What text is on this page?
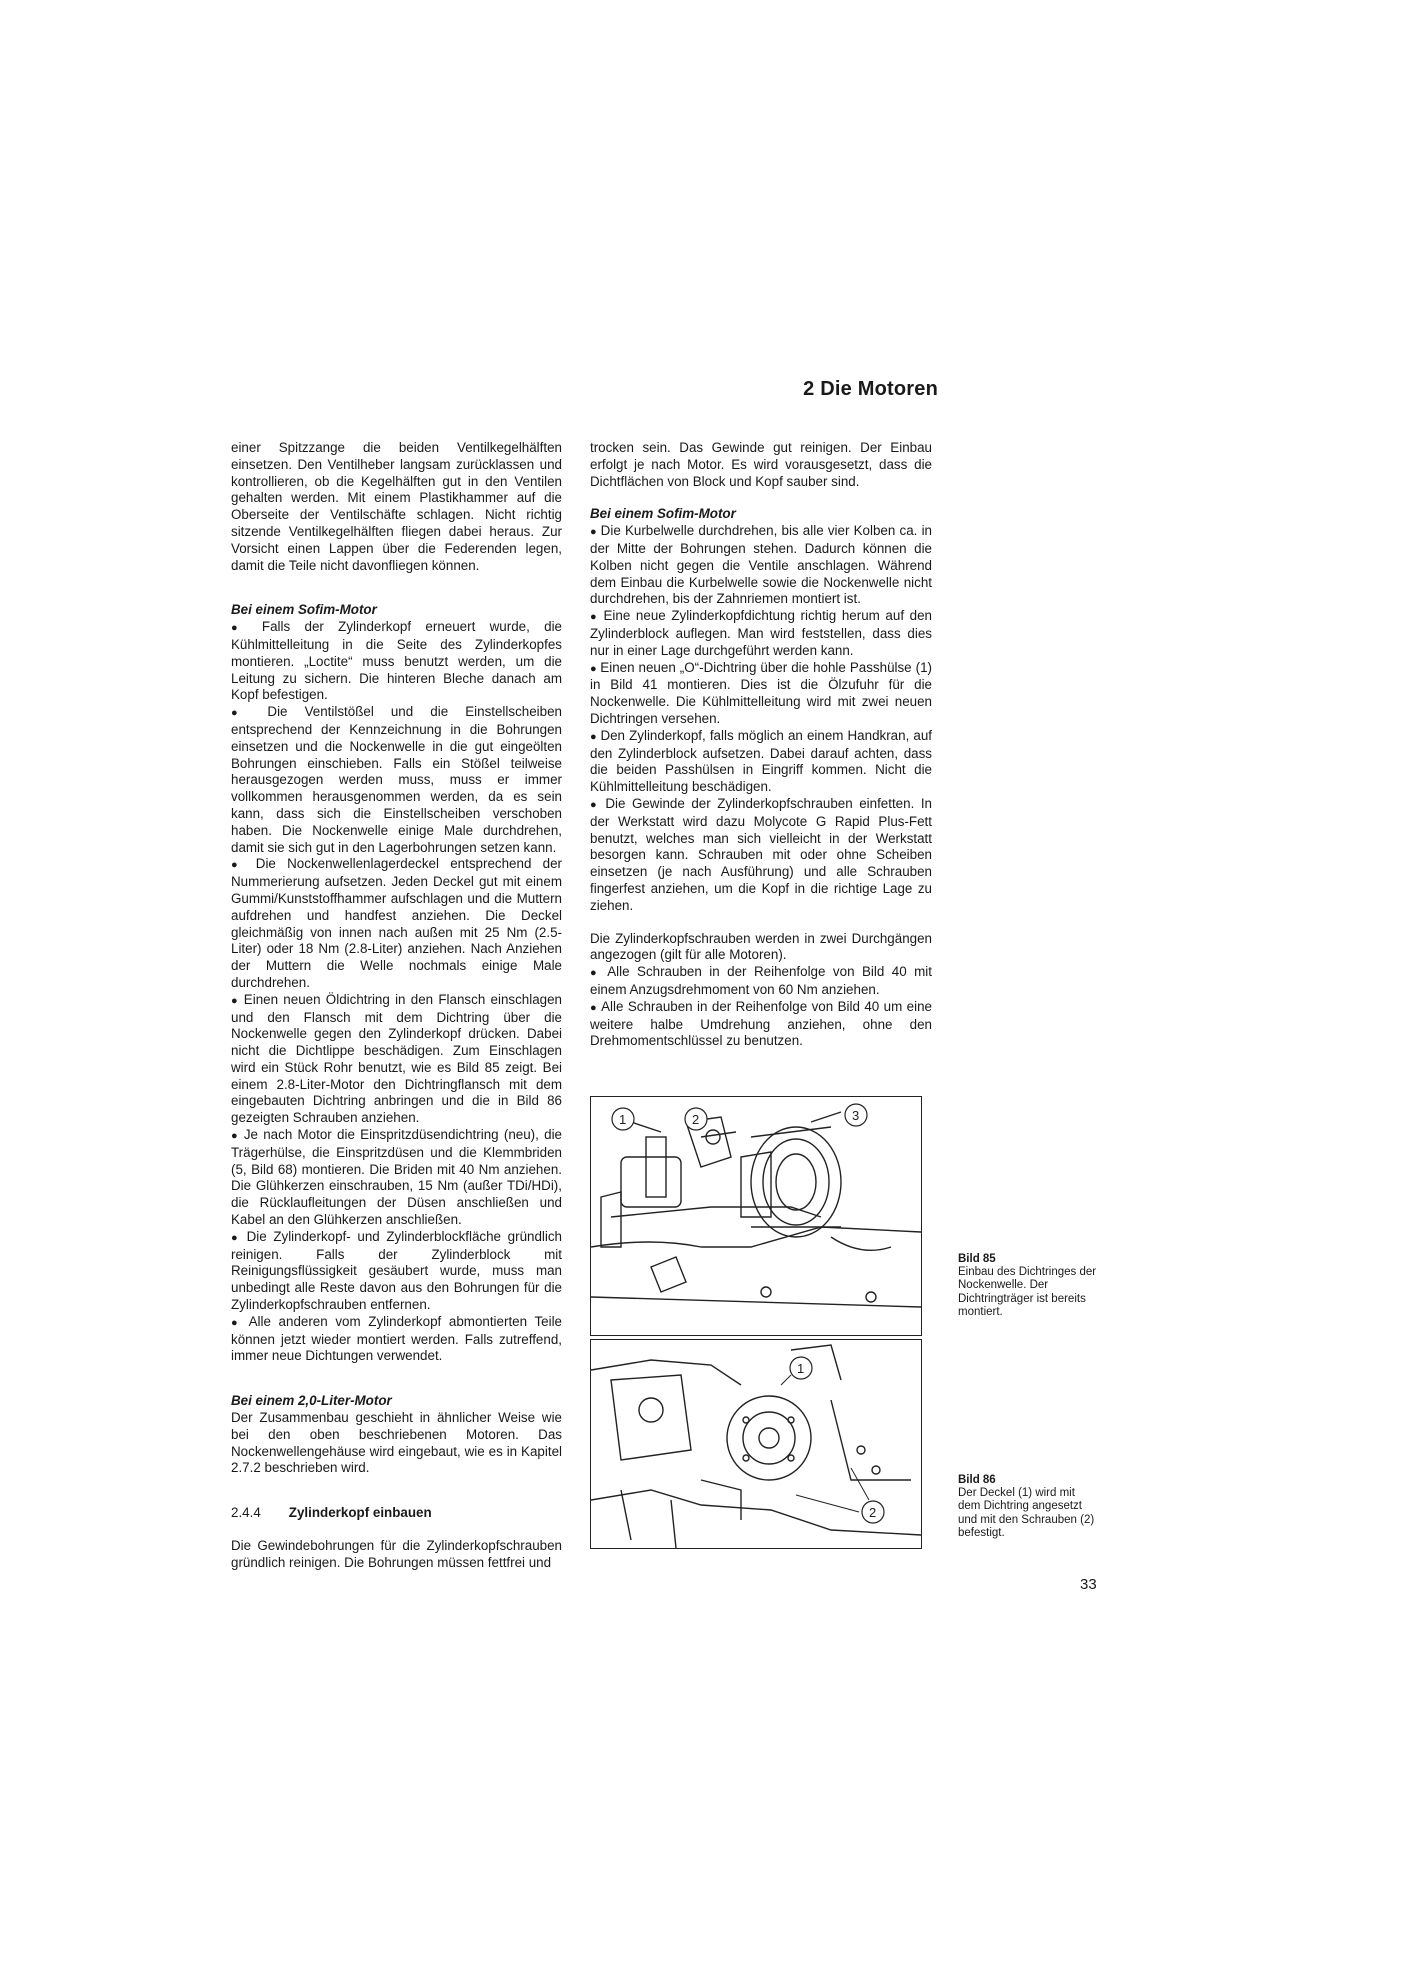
2 Die Motoren

einer Spitzzange die beiden Ventilkegelhälften einsetzen. Den Ventilheber langsam zurücklassen und kontrollieren, ob die Kegelhälften gut in den Ventilen gehalten werden. Mit einem Plastikhammer auf die Oberseite der Ventilschäfte schlagen. Nicht richtig sitzende Ventilkegelhälften fliegen dabei heraus. Zur Vorsicht einen Lappen über die Federenden legen, damit die Teile nicht davonfliegen können.

Bei einem Sofim-Motor

● Falls der Zylinderkopf erneuert wurde, die Kühlmittelleitung in die Seite des Zylinderkopfes montieren. „Loctite“ muss benutzt werden, um die Leitung zu sichern. Die hinteren Bleche danach am Kopf befestigen.

● Die Ventilstößel und die Einstellscheiben entsprechend der Kennzeichnung in die Bohrungen einsetzen und die Nockenwelle in die gut eingeölten Bohrungen einschieben. Falls ein Stößel teilweise herausgezogen werden muss, muss er immer vollkommen herausgenommen werden, da es sein kann, dass sich die Einstellscheiben verschoben haben. Die Nockenwelle einige Male durchdrehen, damit sie sich gut in den Lagerbohrungen setzen kann.

● Die Nockenwellenlagerdeckel entsprechend der Nummerierung aufsetzen. Jeden Deckel gut mit einem Gummi/Kunststoffhammer aufschlagen und die Muttern aufdrehen und handfest anziehen. Die Deckel gleichmäßig von innen nach außen mit 25 Nm (2.5-Liter) oder 18 Nm (2.8-Liter) anziehen. Nach Anziehen der Muttern die Welle nochmals einige Male durchdrehen.

● Einen neuen Öldichtring in den Flansch einschlagen und den Flansch mit dem Dichtring über die Nockenwelle gegen den Zylinderkopf drücken. Dabei nicht die Dichtlippe beschädigen. Zum Einschlagen wird ein Stück Rohr benutzt, wie es Bild 85 zeigt. Bei einem 2.8-Liter-Motor den Dichtringflansch mit dem eingebauten Dichtring anbringen und die in Bild 86 gezeigten Schrauben anziehen.

● Je nach Motor die Einspritzdüsendichtring (neu), die Trägerhülse, die Einspritzdüsen und die Klemmbriden (5, Bild 68) montieren. Die Briden mit 40 Nm anziehen. Die Glühkerzen einschrauben, 15 Nm (außer TDi/HDi), die Rücklaufleitungen der Düsen anschließen und Kabel an den Glühkerzen anschließen.

● Die Zylinderkopf- und Zylinderblockfläche gründlich reinigen. Falls der Zylinderblock mit Reinigungsflüssigkeit gesäubert wurde, muss man unbedingt alle Reste davon aus den Bohrungen für die Zylinderkopfschrauben entfernen.

● Alle anderen vom Zylinderkopf abmontierten Teile können jetzt wieder montiert werden. Falls zutreffend, immer neue Dichtungen verwendet.

Bei einem 2,0-Liter-Motor

Der Zusammenbau geschieht in ähnlicher Weise wie bei den oben beschriebenen Motoren. Das Nockenwellengehäuse wird eingebaut, wie es in Kapitel 2.7.2 beschrieben wird.

2.4.4 Zylinderkopf einbauen

Die Gewindebohrungen für die Zylinderkopfschrauben gründlich reinigen. Die Bohrungen müssen fettfrei und

trocken sein. Das Gewinde gut reinigen. Der Einbau erfolgt je nach Motor. Es wird vorausgesetzt, dass die Dichtflächen von Block und Kopf sauber sind.

Bei einem Sofim-Motor

● Die Kurbelwelle durchdrehen, bis alle vier Kolben ca. in der Mitte der Bohrungen stehen. Dadurch können die Kolben nicht gegen die Ventile anschlagen. Während dem Einbau die Kurbelwelle sowie die Nockenwelle nicht durchdrehen, bis der Zahnriemen montiert ist.

● Eine neue Zylinderkopfdichtung richtig herum auf den Zylinderblock auflegen. Man wird feststellen, dass dies nur in einer Lage durchgeführt werden kann.

● Einen neuen „O“-Dichtring über die hohle Passhülse (1) in Bild 41 montieren. Dies ist die Ölzufuhr für die Nockenwelle. Die Kühlmittelleitung wird mit zwei neuen Dichtringen versehen.

● Den Zylinderkopf, falls möglich an einem Handkran, auf den Zylinderblock aufsetzen. Dabei darauf achten, dass die beiden Passhülsen in Eingriff kommen. Nicht die Kühlmittelleitung beschädigen.

● Die Gewinde der Zylinderkopfschrauben einfetten. In der Werkstatt wird dazu Molycote G Rapid Plus-Fett benutzt, welches man sich vielleicht in der Werkstatt besorgen kann. Schrauben mit oder ohne Scheiben einsetzen (je nach Ausführung) und alle Schrauben fingerfest anziehen, um die Kopf in die richtige Lage zu ziehen.

Die Zylinderkopfschrauben werden in zwei Durchgängen angezogen (gilt für alle Motoren).

● Alle Schrauben in der Reihenfolge von Bild 40 mit einem Anzugsdrehmoment von 60 Nm anziehen.

● Alle Schrauben in der Reihenfolge von Bild 40 um eine weitere halbe Umdrehung anziehen, ohne den Drehmomentschlüssel zu benutzen.

1	2	3
Bild 85
Einbau des Dichtringes der Nockenwelle. Der Dichtringträger ist bereits montiert.
1
2
Bild 86
Der Deckel (1) wird mit dem Dichtring angesetzt und mit den Schrauben (2) befestigt.
33
